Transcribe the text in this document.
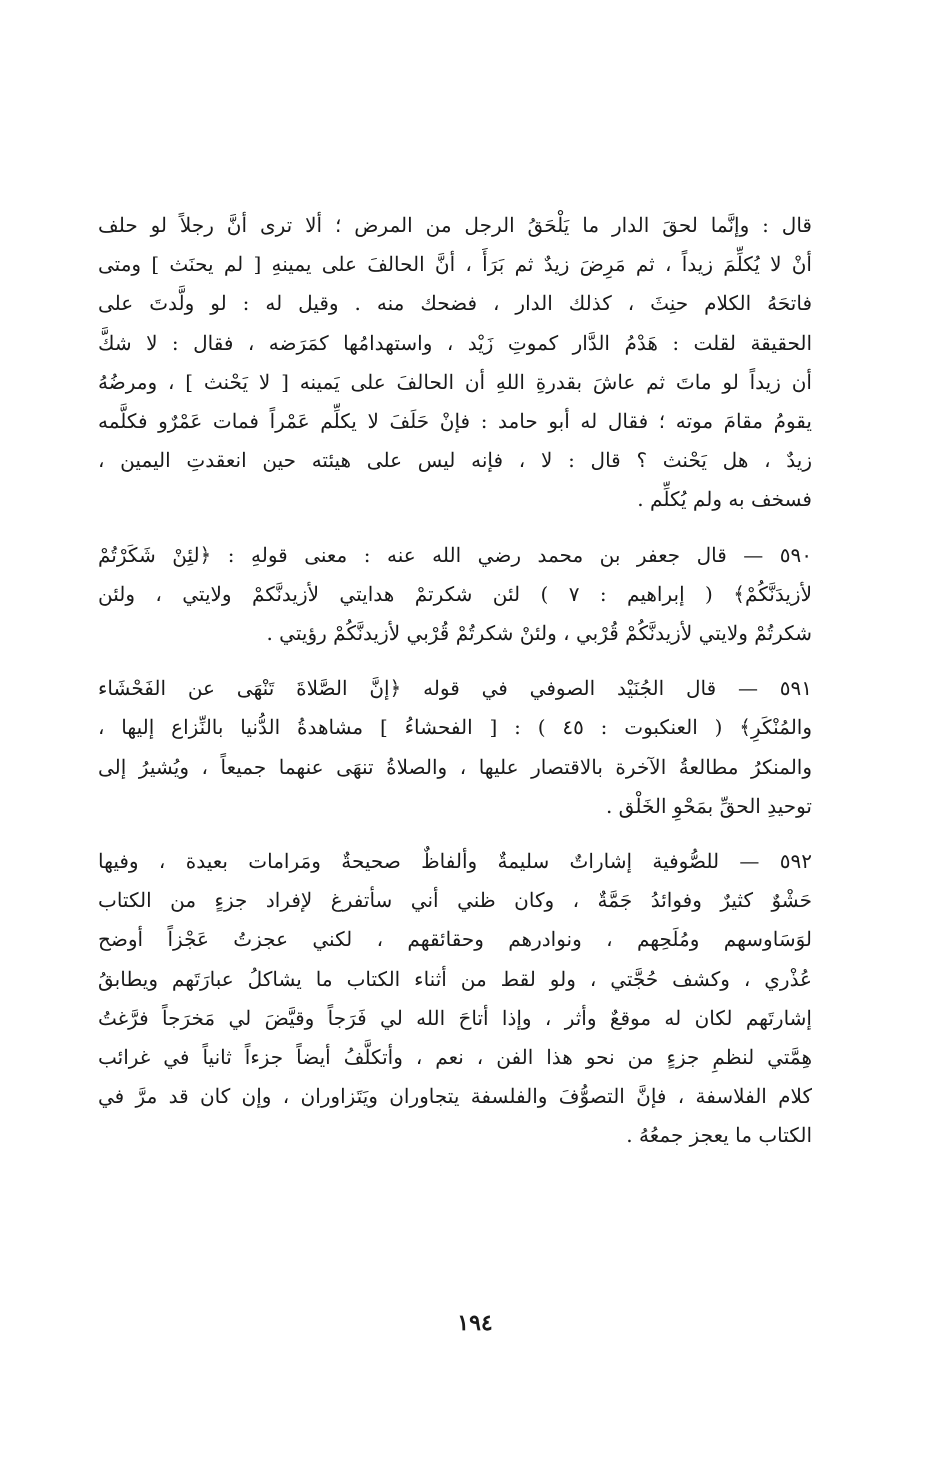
قال : وإنَّما لحقَ الدار ما يَلْحَقُ الرجل من المرض ؛ ألا ترى أنَّ رجلاً لو حلف
أنْ لا يُكلِّمَ زيداً ، ثم مَرِضَ زيدٌ ثم بَرَأَ ، أنَّ الحالفَ على يمينهِ [ لم يحنَث ] ومتى
فاتحَهُ الكلام حنِثَ ، كذلك الدار ، فضحك منه . وقيل له : لو ولَّدتَ على
الحقيقة لقلت : هَدْمُ الدَّار كموتِ زَيْد ، واستهدامُها كمَرَضه ، فقال : لا شكَّ
أن زيداً لو ماتَ ثم عاشَ بقدرةِ اللهِ أن الحالفَ على يَمينه [ لا يَحْنث ] ، ومرضُهُ
يقومُ مقامَ موته ؛ فقال له أبو حامد : فإنْ حَلَفَ لا يكلِّم عَمْراً فمات عَمْرٌو فكلَّمه
زيدٌ ، هل يَحْنث ؟ قال : لا ، فإنه ليس على هيئته حين انعقدتِ اليمين ،
فسخف به ولم يُكلِّم .

٥٩٠ — قال جعفر بن محمد رضي الله عنه : معنى قولهِ : ﴿لئِنْ شَكَرْتُمْ
لأزيدَنَّكُمْ﴾ ( إبراهيم : ٧ ) لئن شكرتمْ هدايتي لأزيدنَّكمْ ولايتي ، ولئن
شكرتُمْ ولايتي لأزيدنَّكُمْ قُرْبي ، ولئنْ شكرتُمْ قُرْبي لأزيدنَّكُمْ رؤيتي .

٥٩١ — قال الجُنَيْد الصوفي في قوله ﴿إنَّ الصَّلاةَ تَنْهَى عن الفَحْشَاء
والمُنْكَرِ﴾ ( العنكبوت : ٤٥ ) : [ الفحشاءُ ] مشاهدةُ الدُّنيا بالنِّزاع إليها ،
والمنكرُ مطالعةُ الآخرة بالاقتصار عليها ، والصلاةُ تنهَى عنهما جميعاً ، ويُشيرُ إلى
توحيدِ الحقِّ بمَحْوِ الخَلْق .

٥٩٢ — للصُّوفية إشاراتٌ سليمةٌ وألفاظٌ صحيحةٌ ومَرامات بعيدة ، وفيها
حَشْوٌ كثيرٌ وفوائدُ جَمَّةٌ ، وكان ظني أني سأتفرغ لإفراد جزءٍ من الكتاب
لوَسَاوسهم ومُلَحِهم ، ونوادرهم وحقائقهم ، لكني عجزتُ عَجْزاً أوضح
عُذْري ، وكشف حُجَّتي ، ولو لقط من أثناء الكتاب ما يشاكلُ عبارَتَهم ويطابقُ
إشارتَهم لكان له موقعٌ وأثر ، وإذا أتاحَ الله لي فَرَجاً وقيَّضَ لي مَخرَجاً فرَّغتُ
هِمَّتي لنظمِ جزءٍ من نحو هذا الفن ، نعم ، وأتكلَّفُ أيضاً جزءاً ثانياً في غرائب
كلام الفلاسفة ، فإنَّ التصوُّفَ والفلسفة يتجاوران ويَتَزاوران ، وإن كان قد مرَّ في
الكتاب ما يعجز جمعُهُ .

١٩٤
